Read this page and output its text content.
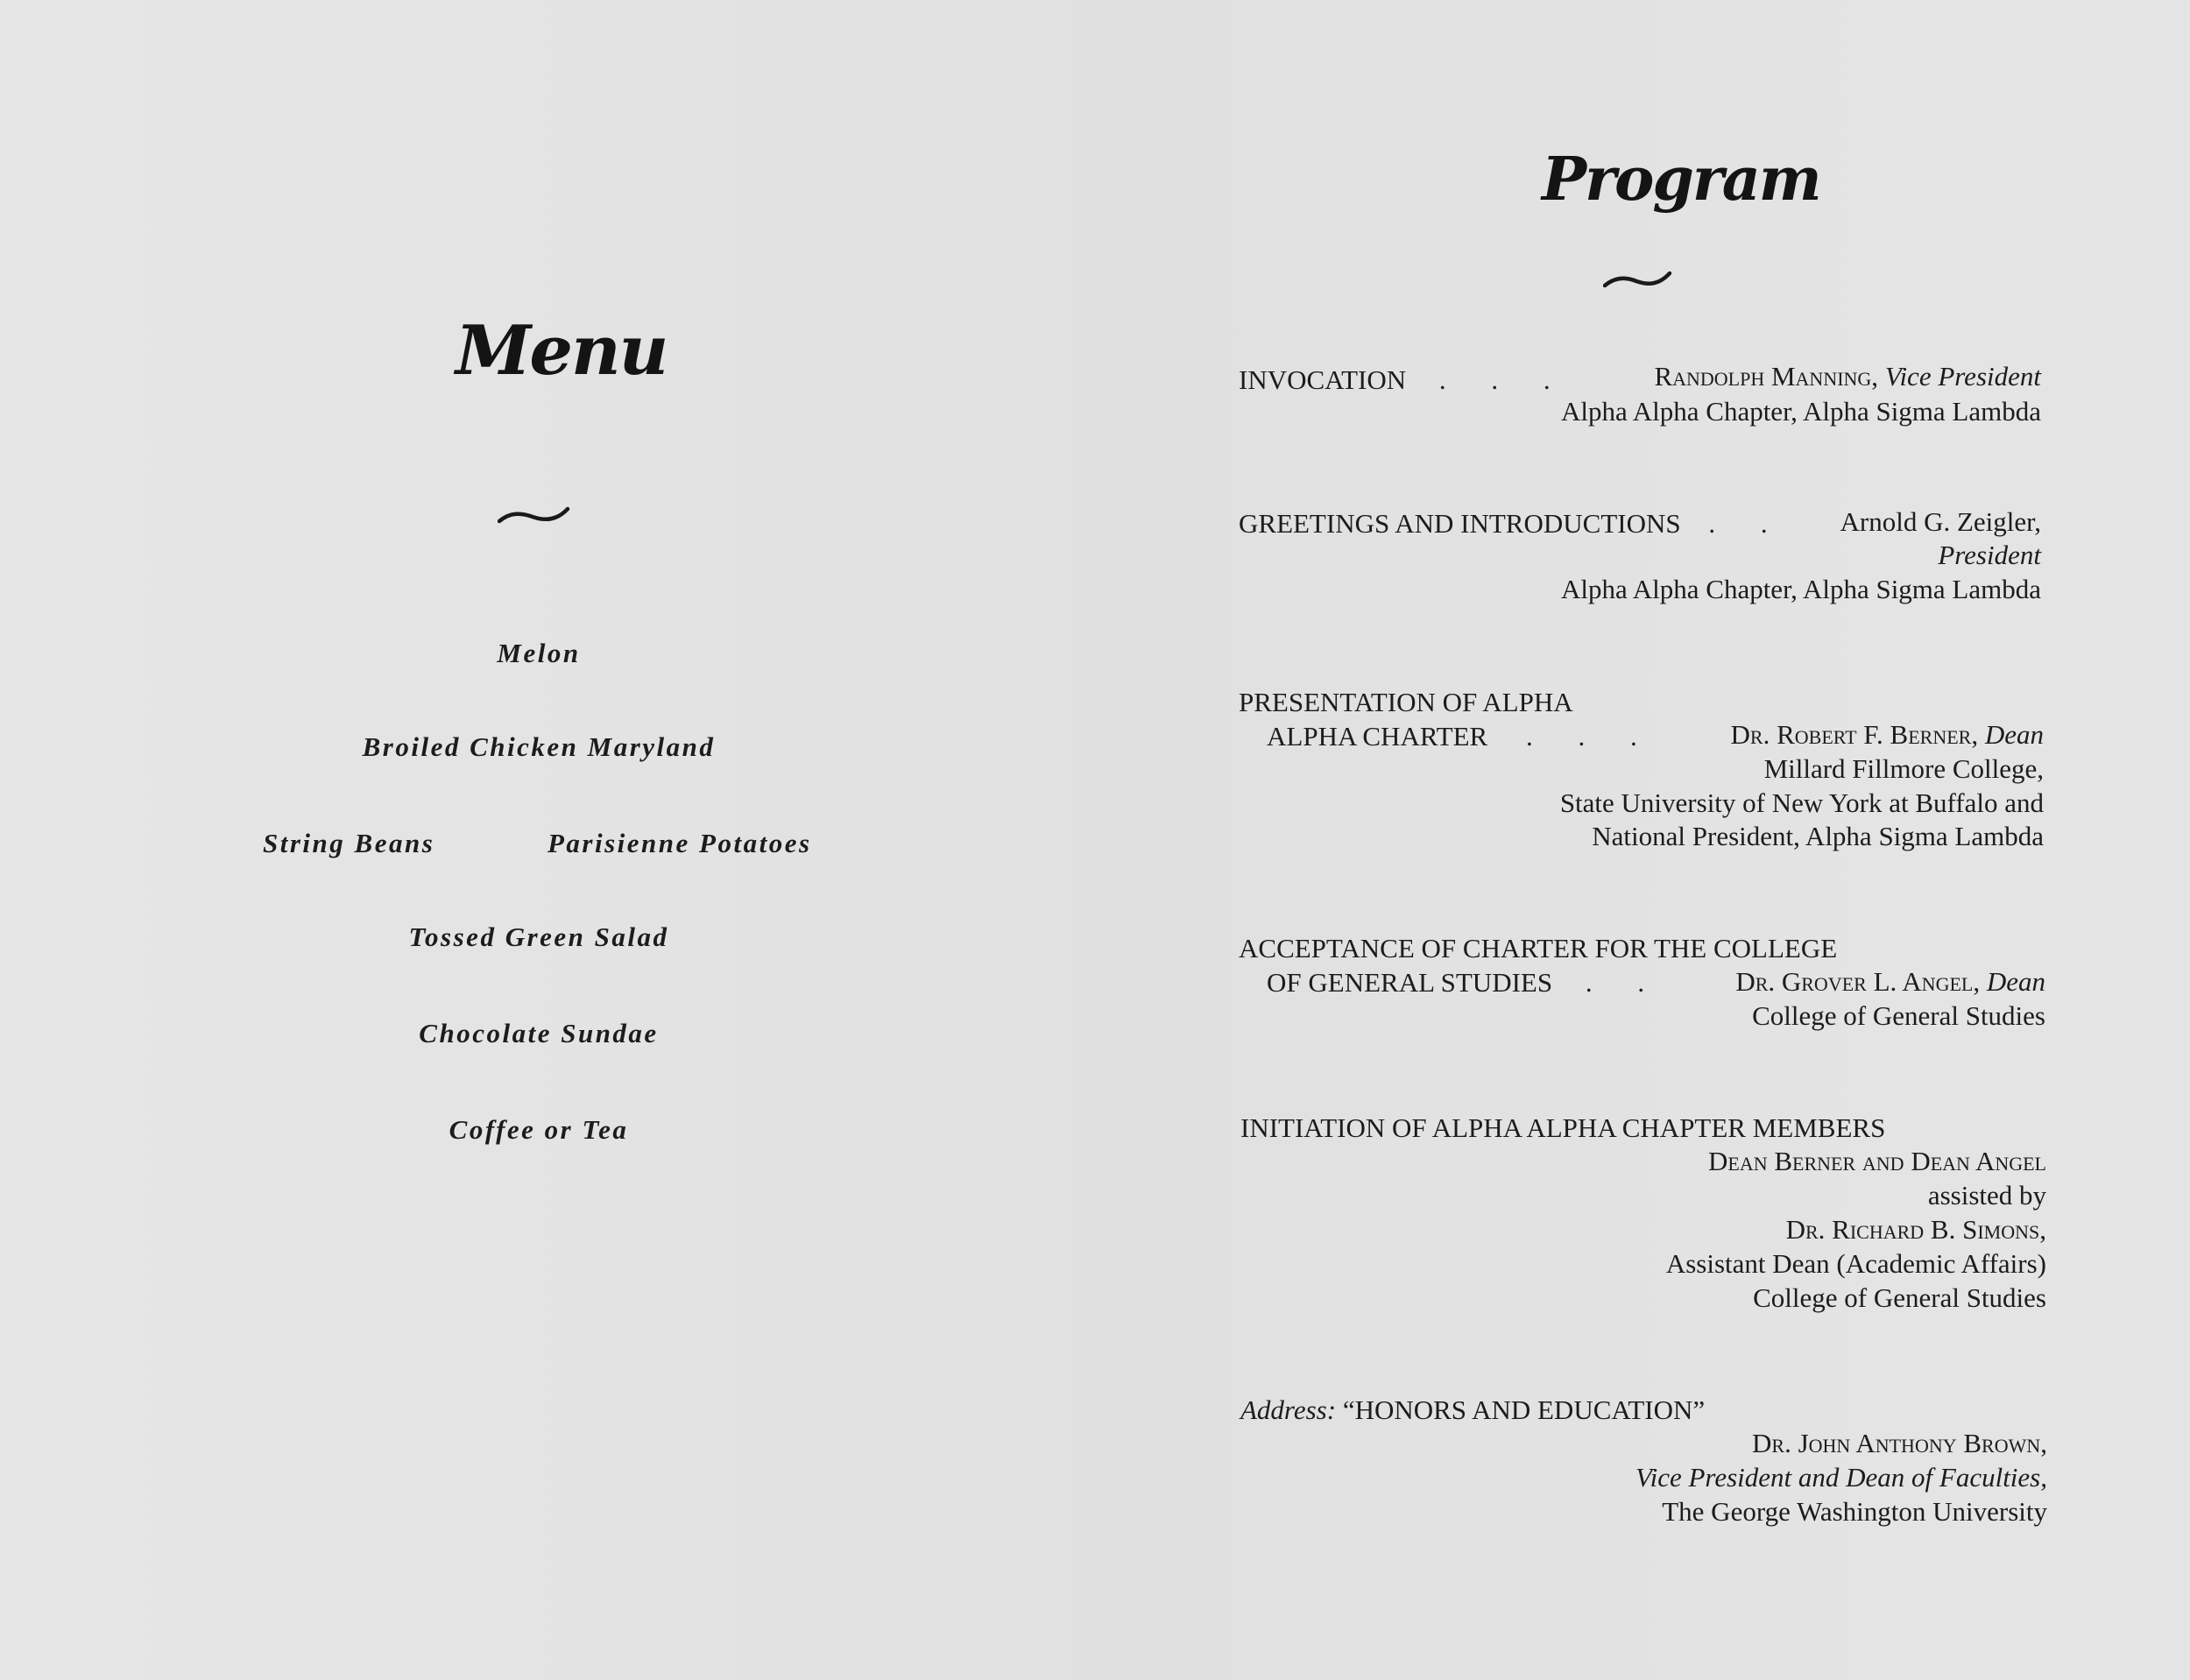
Menu
Melon
Broiled Chicken Maryland
String Beans	Parisienne Potatoes
Tossed Green Salad
Chocolate Sundae
Coffee or Tea
Program
INVOCATION . . .	Randolph Manning, Vice President
Alpha Alpha Chapter, Alpha Sigma Lambda
GREETINGS AND INTRODUCTIONS . . Arnold G. Zeigler,
President
Alpha Alpha Chapter, Alpha Sigma Lambda
PRESENTATION OF ALPHA
ALPHA CHARTER . . .	Dr. Robert F. Berner, Dean
Millard Fillmore College,
State University of New York at Buffalo and
National President, Alpha Sigma Lambda
ACCEPTANCE OF CHARTER FOR THE COLLEGE
OF GENERAL STUDIES . .	Dr. Grover L. Angel, Dean
College of General Studies
INITIATION OF ALPHA ALPHA CHAPTER MEMBERS
Dean Berner and Dean Angel
assisted by
Dr. Richard B. Simons,
Assistant Dean (Academic Affairs)
College of General Studies
Address: “HONORS AND EDUCATION”
Dr. John Anthony Brown,
Vice President and Dean of Faculties,
The George Washington University
